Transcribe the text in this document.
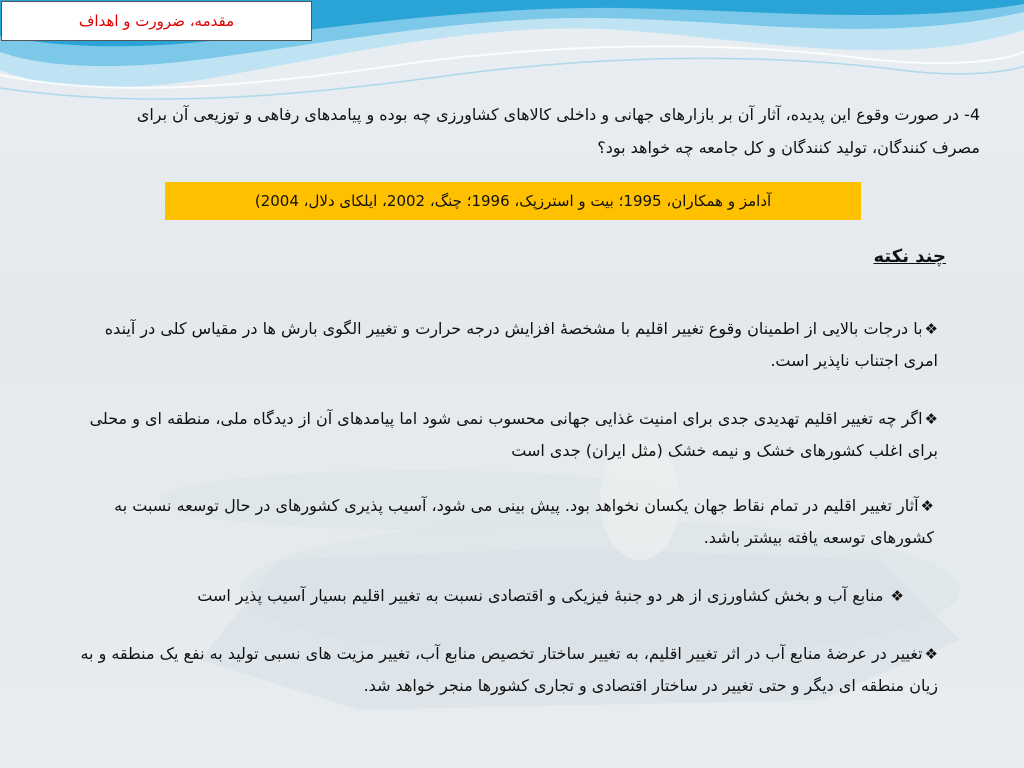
مقدمه، ضرورت و اهداف
4- در صورت وقوع این پدیده، آثار آن بر بازارهای جهانی و داخلی کالاهای کشاورزی چه بوده و پیامدهای رفاهی و توزیعی آن برای مصرف کنندگان، تولید کنندگان و کل جامعه چه خواهد بود؟
آدامز و همکاران، 1995؛ بیت و استرزپک، 1996؛ چنگ، 2002، ایلکای دلال، 2004)
چند نکته
❖با درجات بالایی از اطمینان وقوع تغییر اقلیم با مشخصهٔ افزایش درجه حرارت و تغییر الگوی بارش ها در مقیاس کلی در آینده امری اجتناب ناپذیر است.
❖اگر چه تغییر اقلیم تهدیدی جدی برای امنیت غذایی جهانی محسوب نمی شود اما پیامدهای آن از دیدگاه ملی، منطقه ای و محلی برای اغلب کشورهای خشک و نیمه خشک (مثل ایران) جدی است
❖آثار تغییر اقلیم در تمام نقاط جهان یکسان نخواهد بود. پیش بینی می شود، آسیب پذیری کشورهای در حال توسعه نسبت به کشورهای توسعه یافته بیشتر باشد.
❖ منابع آب و بخش کشاورزی از هر دو جنبهٔ فیزیکی و اقتصادی نسبت به تغییر اقلیم بسیار آسیب پذیر است
❖تغییر در عرضهٔ منابع آب در اثر تغییر اقلیم، به تغییر ساختار تخصیص منابع آب، تغییر مزیت های نسبی تولید به نفع یک منطقه و به زیان منطقه ای دیگر و حتی تغییر در ساختار اقتصادی و تجاری کشورها منجر خواهد شد.
